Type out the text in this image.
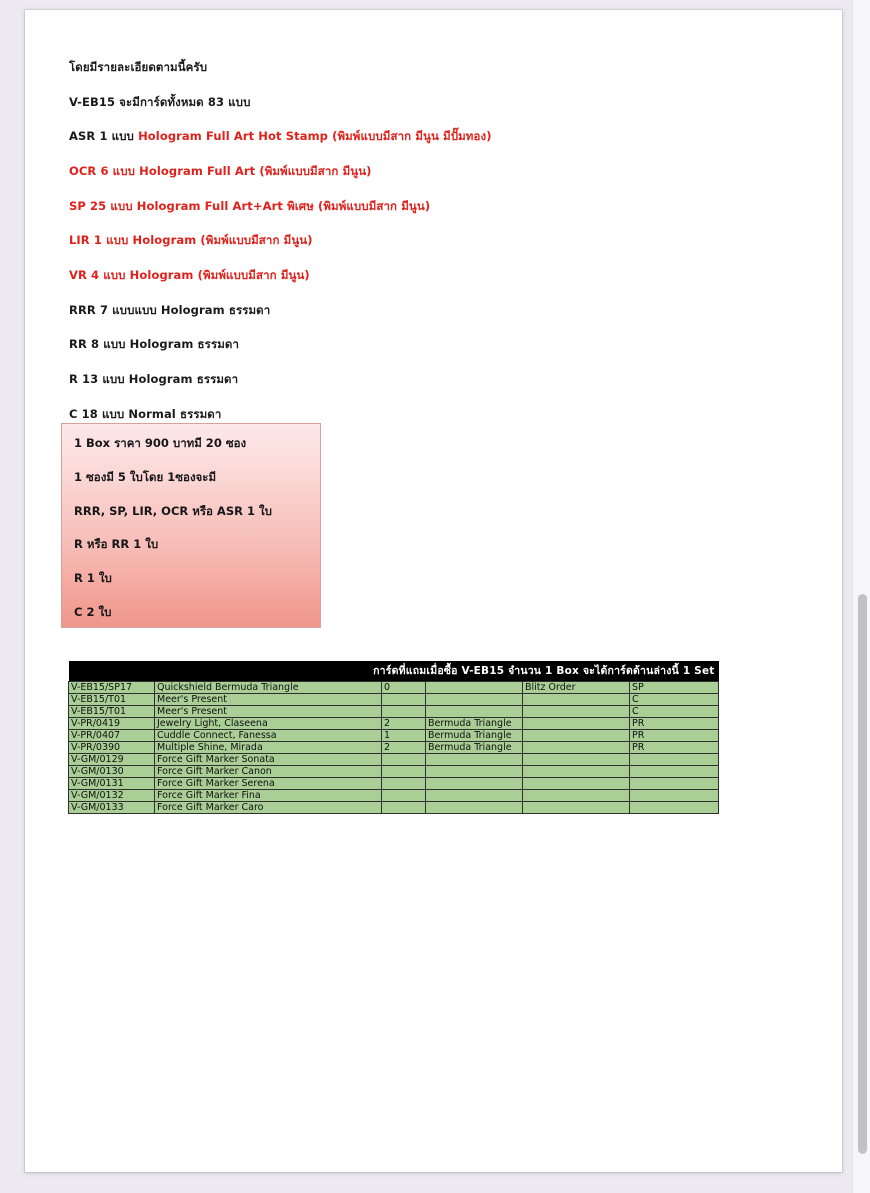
โดยมีรายละเอียดตามนี้ครับ

V-EB15 จะมีการ์ดทั้งหมด 83 แบบ

ASR 1 แบบ Hologram Full Art Hot Stamp (พิมพ์แบบมีสาก มีนูน มีปั๊มทอง)

OCR 6 แบบ Hologram Full Art (พิมพ์แบบมีสาก มีนูน)

SP 25 แบบ Hologram Full Art+Art พิเศษ (พิมพ์แบบมีสาก มีนูน)

LIR 1 แบบ Hologram (พิมพ์แบบมีสาก มีนูน)

VR 4 แบบ Hologram (พิมพ์แบบมีสาก มีนูน)

RRR 7 แบบแบบ Hologram ธรรมดา

RR 8 แบบ Hologram ธรรมดา

R 13 แบบ Hologram ธรรมดา

C 18 แบบ Normal ธรรมดา

1 Box ราคา 900 บาทมี 20 ซอง

1 ซองมี 5 ใบโดย 1ซองจะมี

RRR, SP, LIR, OCR หรือ ASR 1 ใบ

R หรือ RR 1 ใบ

R 1 ใบ

C 2 ใบ

การ์ดที่แถมเมื่อซื้อ V-EB15 จำนวน 1 Box จะได้การ์ดด้านล่างนี้ 1 Set					
V-EB15/SP17	Quickshield Bermuda Triangle	0		Blitz Order	SP
V-EB15/T01	Meer's Present				C
V-EB15/T01	Meer's Present				C
V-PR/0419	Jewelry Light, Claseena	2	Bermuda Triangle		PR
V-PR/0407	Cuddle Connect, Fanessa	1	Bermuda Triangle		PR
V-PR/0390	Multiple Shine, Mirada	2	Bermuda Triangle		PR
V-GM/0129	Force Gift Marker Sonata				
V-GM/0130	Force Gift Marker Canon				
V-GM/0131	Force Gift Marker Serena				
V-GM/0132	Force Gift Marker Fina				
V-GM/0133	Force Gift Marker Caro				
